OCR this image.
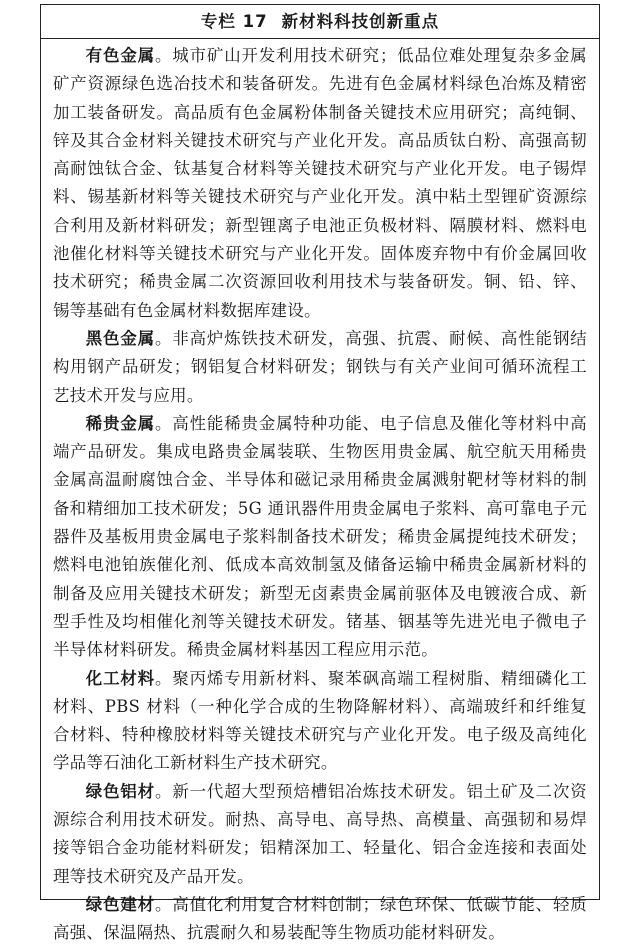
专栏 17 新材料科技创新重点

有色金属。城市矿山开发利用技术研究；低品位难处理复杂多金属矿产资源绿色选冶技术和装备研发。先进有色金属材料绿色冶炼及精密加工装备研发。高品质有色金属粉体制备关键技术应用研究；高纯铜、锌及其合金材料关键技术研究与产业化开发。高品质钛白粉、高强高韧高耐蚀钛合金、钛基复合材料等关键技术研究与产业化开发。电子锡焊料、锡基新材料等关键技术研究与产业化开发。滇中粘土型锂矿资源综合利用及新材料研发；新型锂离子电池正负极材料、隔膜材料、燃料电池催化材料等关键技术研究与产业化开发。固体废弃物中有价金属回收技术研究；稀贵金属二次资源回收利用技术与装备研发。铜、铅、锌、锡等基础有色金属材料数据库建设。

黑色金属。非高炉炼铁技术研发，高强、抗震、耐候、高性能钢结构用钢产品研发；钢铝复合材料研发；钢铁与有关产业间可循环流程工艺技术开发与应用。

稀贵金属。高性能稀贵金属特种功能、电子信息及催化等材料中高端产品研发。集成电路贵金属装联、生物医用贵金属、航空航天用稀贵金属高温耐腐蚀合金、半导体和磁记录用稀贵金属溅射靶材等材料的制备和精细加工技术研发；5G 通讯器件用贵金属电子浆料、高可靠电子元器件及基板用贵金属电子浆料制备技术研发；稀贵金属提纯技术研发；燃料电池铂族催化剂、低成本高效制氢及储备运输中稀贵金属新材料的制备及应用关键技术研发；新型无卤素贵金属前驱体及电镀液合成、新型手性及均相催化剂等关键技术研发。锗基、铟基等先进光电子微电子半导体材料研发。稀贵金属材料基因工程应用示范。

化工材料。聚丙烯专用新材料、聚苯砜高端工程树脂、精细磷化工材料、PBS 材料（一种化学合成的生物降解材料）、高端玻纤和纤维复合材料、特种橡胶材料等关键技术研究与产业化开发。电子级及高纯化学品等石油化工新材料生产技术研究。

绿色铝材。新一代超大型预焙槽铝冶炼技术研发。铝土矿及二次资源综合利用技术研发。耐热、高导电、高导热、高模量、高强韧和易焊接等铝合金功能材料研发；铝精深加工、轻量化、铝合金连接和表面处理等技术研究及产品开发。

绿色建材。高值化利用复合材料创制；绿色环保、低碳节能、轻质高强、保温隔热、抗震耐久和易装配等生物质功能材料研发。
